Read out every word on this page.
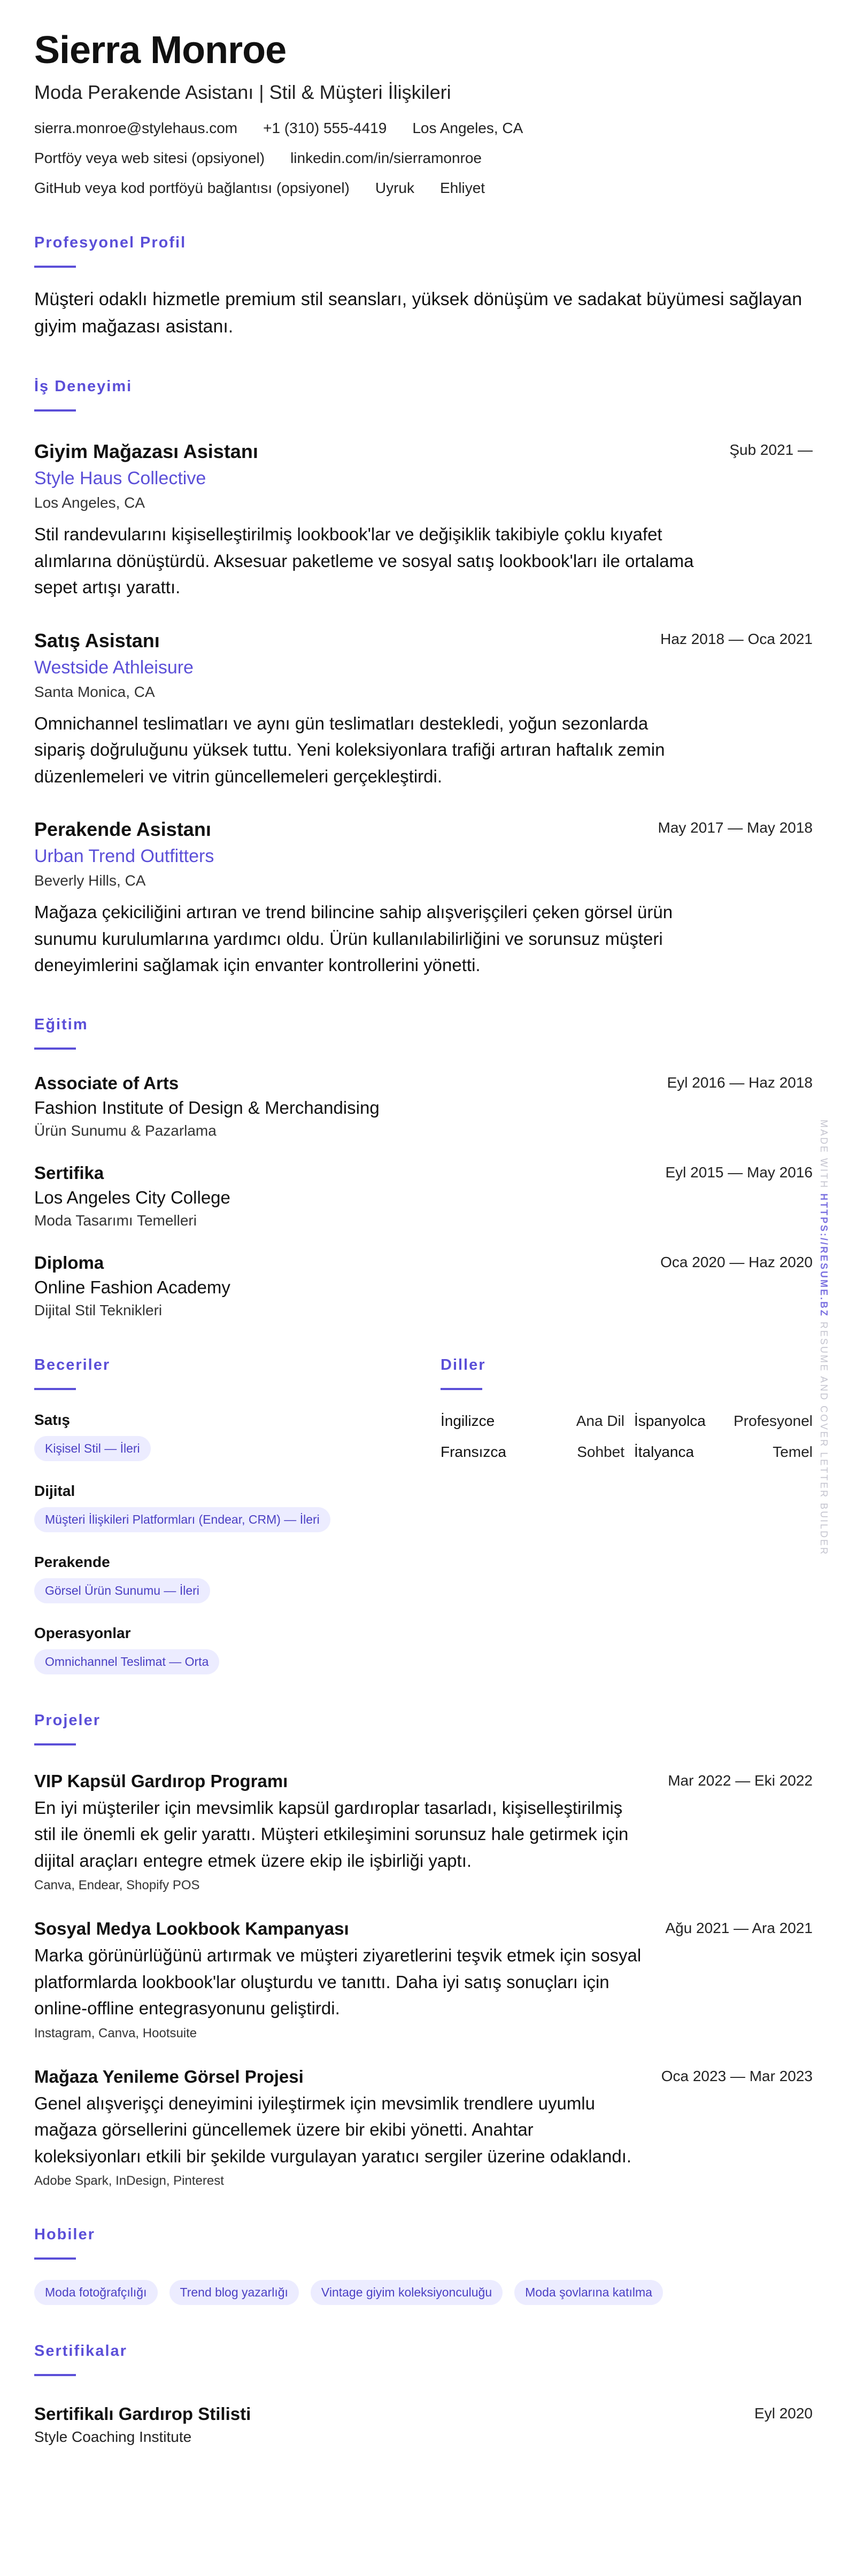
Sierra Monroe
Moda Perakende Asistanı | Stil & Müşteri İlişkileri
sierra.monroe@stylehaus.com +1 (310) 555-4419 Los Angeles, CA
Portföy veya web sitesi (opsiyonel) linkedin.com/in/sierramonroe
GitHub veya kod portföyü bağlantısı (opsiyonel) Uyruk Ehliyet
Profesyonel Profil
Müşteri odaklı hizmetle premium stil seansları, yüksek dönüşüm ve sadakat büyümesi sağlayan giyim mağazası asistanı.
İş Deneyimi
Şub 2021 —
Giyim Mağazası Asistanı
Style Haus Collective
Los Angeles, CA
Stil randevularını kişiselleştirilmiş lookbook'lar ve değişiklik takibiyle çoklu kıyafet alımlarına dönüştürdü. Aksesuar paketleme ve sosyal satış lookbook'ları ile ortalama sepet artışı yarattı.
Haz 2018 — Oca 2021
Satış Asistanı
Westside Athleisure
Santa Monica, CA
Omnichannel teslimatları ve aynı gün teslimatları destekledi, yoğun sezonlarda sipariş doğruluğunu yüksek tuttu. Yeni koleksiyonlara trafiği artıran haftalık zemin düzenlemeleri ve vitrin güncellemeleri gerçekleştirdi.
May 2017 — May 2018
Perakende Asistanı
Urban Trend Outfitters
Beverly Hills, CA
Mağaza çekiciliğini artıran ve trend bilincine sahip alışverişçileri çeken görsel ürün sunumu kurulumlarına yardımcı oldu. Ürün kullanılabilirliğini ve sorunsuz müşteri deneyimlerini sağlamak için envanter kontrollerini yönetti.
Eğitim
Eyl 2016 — Haz 2018
Associate of Arts
Fashion Institute of Design & Merchandising
Ürün Sunumu & Pazarlama
Eyl 2015 — May 2016
Sertifika
Los Angeles City College
Moda Tasarımı Temelleri
Oca 2020 — Haz 2020
Diploma
Online Fashion Academy
Dijital Stil Teknikleri
Beceriler
Satış
Kişisel Stil — İleri
Dijital
Müşteri İlişkileri Platformları (Endear, CRM) — İleri
Perakende
Görsel Ürün Sunumu — İleri
Operasyonlar
Omnichannel Teslimat — Orta
Diller
İngilizce	Ana Dil İspanyolca	Profesyonel
Fransızca	Sohbet İtalyanca	Temel
Projeler
Mar 2022 — Eki 2022
VIP Kapsül Gardırop Programı
En iyi müşteriler için mevsimlik kapsül gardıroplar tasarladı, kişiselleştirilmiş stil ile önemli ek gelir yarattı. Müşteri etkileşimini sorunsuz hale getirmek için dijital araçları entegre etmek üzere ekip ile işbirliği yaptı.
Canva, Endear, Shopify POS
Ağu 2021 — Ara 2021
Sosyal Medya Lookbook Kampanyası
Marka görünürlüğünü artırmak ve müşteri ziyaretlerini teşvik etmek için sosyal platformlarda lookbook'lar oluşturdu ve tanıttı. Daha iyi satış sonuçları için online-offline entegrasyonunu geliştirdi.
Instagram, Canva, Hootsuite
Oca 2023 — Mar 2023
Mağaza Yenileme Görsel Projesi
Genel alışverişçi deneyimini iyileştirmek için mevsimlik trendlere uyumlu mağaza görsellerini güncellemek üzere bir ekibi yönetti. Anahtar koleksiyonları etkili bir şekilde vurgulayan yaratıcı sergiler üzerine odaklandı.
Adobe Spark, InDesign, Pinterest
Hobiler
Moda fotoğrafçılığı	Trend blog yazarlığı	Vintage giyim koleksiyonculuğu	Moda şovlarına katılma
Sertifikalar
Eyl 2020
Sertifikalı Gardırop Stilisti
Style Coaching Institute
MADE WITH HTTPS://RESUME.BZ RESUME AND COVER LETTER BUILDER
